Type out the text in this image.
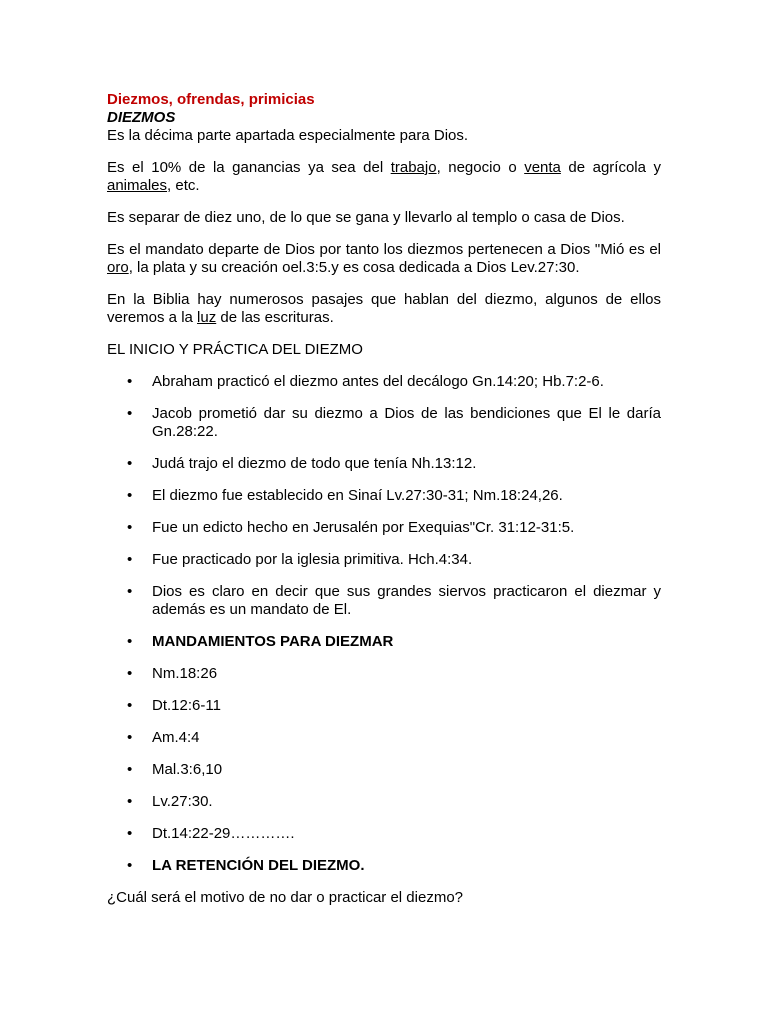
Diezmos, ofrendas, primicias
DIEZMOS

Es la décima parte apartada especialmente para Dios.

Es el 10% de la ganancias ya sea del trabajo, negocio o venta de agrícola y animales, etc.

Es separar de diez uno, de lo que se gana y llevarlo al templo o casa de Dios.

Es el mandato departe de Dios por tanto los diezmos pertenecen a Dios "Mió es el oro, la plata y su creación oel.3:5.y es cosa dedicada a Dios Lev.27:30.

En la Biblia hay numerosos pasajes que hablan del diezmo, algunos de ellos veremos a la luz de las escrituras.

EL INICIO Y PRÁCTICA DEL DIEZMO

• Abraham practicó el diezmo antes del decálogo Gn.14:20; Hb.7:2-6.
• Jacob prometió dar su diezmo a Dios de las bendiciones que El le daría Gn.28:22.
• Judá trajo el diezmo de todo que tenía Nh.13:12.
• El diezmo fue establecido en Sinaí Lv.27:30-31; Nm.18:24,26.
• Fue un edicto hecho en Jerusalén por Exequias"Cr. 31:12-31:5.
• Fue practicado por la iglesia primitiva. Hch.4:34.
• Dios es claro en decir que sus grandes siervos practicaron el diezmar y además es un mandato de El.
• MANDAMIENTOS PARA DIEZMAR
• Nm.18:26
• Dt.12:6-11
• Am.4:4
• Mal.3:6,10
• Lv.27:30.
• Dt.14:22-29………….
• LA RETENCIÓN DEL DIEZMO.

¿Cuál será el motivo de no dar o practicar el diezmo?
